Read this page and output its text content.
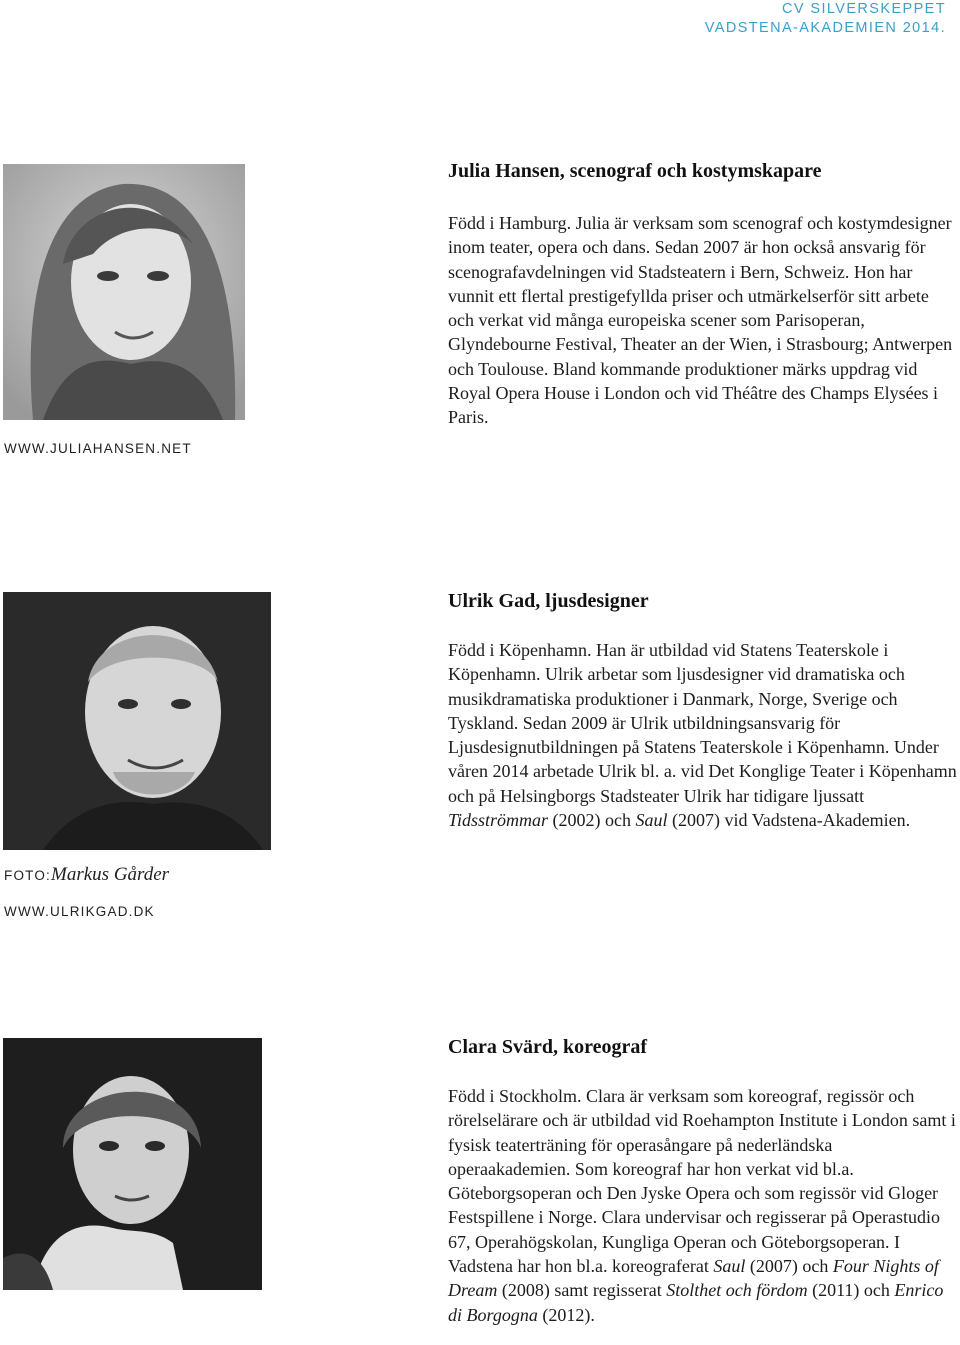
CV SILVERSKEPPET
VADSTENA-AKADEMIEN 2014.
WWW.JULIAHANSEN.NET
Julia Hansen, scenograf och kostymskapare

Född i Hamburg. Julia är verksam som scenograf och kostymdesigner inom teater, opera och dans. Sedan 2007 är hon också ansvarig för scenografavdelningen vid Stadsteatern i Bern, Schweiz. Hon har vunnit ett flertal prestigefyllda priser och utmärkelserför sitt arbete och verkat vid många europeiska scener som Parisoperan, Glyndebourne Festival, Theater an der Wien, i Strasbourg; Antwerpen och Toulouse. Bland kommande produktioner märks uppdrag vid Royal Opera House i London och vid Théâtre des Champs Elysées i Paris.

FOTO:Markus Gårder
WWW.ULRIKGAD.DK
Ulrik Gad, ljusdesigner

Född i Köpenhamn. Han är utbildad vid Statens Teaterskole i Köpenhamn. Ulrik arbetar som ljusdesigner vid dramatiska och musikdramatiska produktioner i Danmark, Norge, Sverige och Tyskland. Sedan 2009 är Ulrik utbildningsansvarig för Ljusdesignutbildningen på Statens Teaterskole i Köpenhamn. Under våren 2014 arbetade Ulrik bl. a. vid Det Konglige Teater i Köpenhamn och på Helsingborgs Stadsteater Ulrik har tidigare ljussatt Tidsströmmar (2002) och Saul (2007) vid Vadstena-Akademien.

Clara Svärd, koreograf

Född i Stockholm. Clara är verksam som koreograf, regissör och rörelselärare och är utbildad vid Roehampton Institute i London samt i fysisk teaterträning för operasångare på nederländska operaakademien. Som koreograf har hon verkat vid bl.a. Göteborgsoperan och Den Jyske Opera och som regissör vid Gloger Festspillene i Norge. Clara undervisar och regisserar på Operastudio 67, Operahögskolan, Kungliga Operan och Göteborgsoperan. I Vadstena har hon bl.a. koreograferat Saul (2007) och Four Nights of Dream (2008) samt regisserat Stolthet och fördom (2011) och Enrico di Borgogna (2012).
